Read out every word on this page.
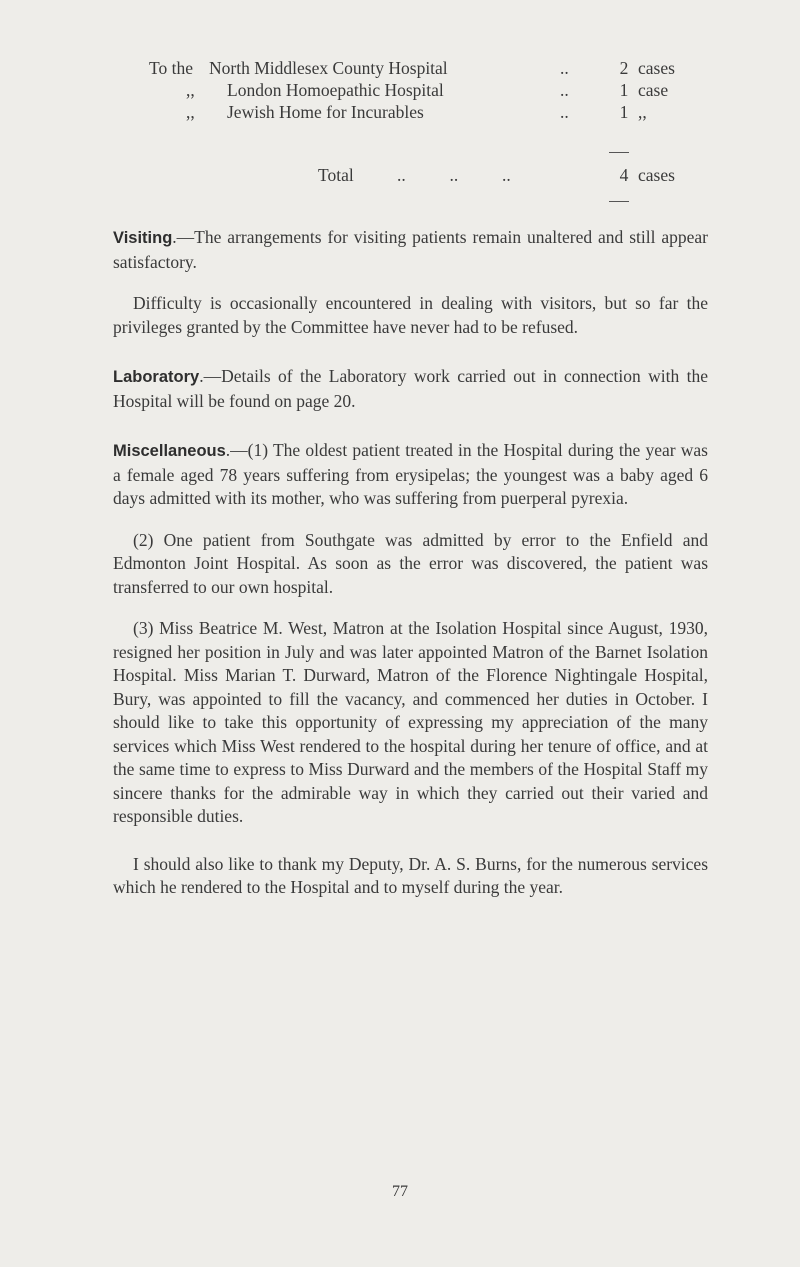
To the North Middlesex County Hospital	..	2 cases
,, London Homoepathic Hospital	..	1 case
,, Jewish Home for Incurables	..	1 ,,
Total ..          ..          ..	4 cases

Visiting.—The arrangements for visiting patients remain unaltered and still appear satisfactory.

Difficulty is occasionally encountered in dealing with visitors, but so far the privileges granted by the Committee have never had to be refused.

Laboratory.—Details of the Laboratory work carried out in connection with the Hospital will be found on page 20.

Miscellaneous.—(1) The oldest patient treated in the Hospital during the year was a female aged 78 years suffering from erysipelas; the youngest was a baby aged 6 days admitted with its mother, who was suffering from puerperal pyrexia.

(2) One patient from Southgate was admitted by error to the Enfield and Edmonton Joint Hospital. As soon as the error was discovered, the patient was transferred to our own hospital.

(3) Miss Beatrice M. West, Matron at the Isolation Hospital since August, 1930, resigned her position in July and was later appointed Matron of the Barnet Isolation Hospital. Miss Marian T. Durward, Matron of the Florence Nightingale Hospital, Bury, was appointed to fill the vacancy, and commenced her duties in October. I should like to take this opportunity of expressing my appreciation of the many services which Miss West rendered to the hospital during her tenure of office, and at the same time to express to Miss Durward and the members of the Hospital Staff my sincere thanks for the admirable way in which they carried out their varied and responsible duties.

I should also like to thank my Deputy, Dr. A. S. Burns, for the numerous services which he rendered to the Hospital and to myself during the year.

77
